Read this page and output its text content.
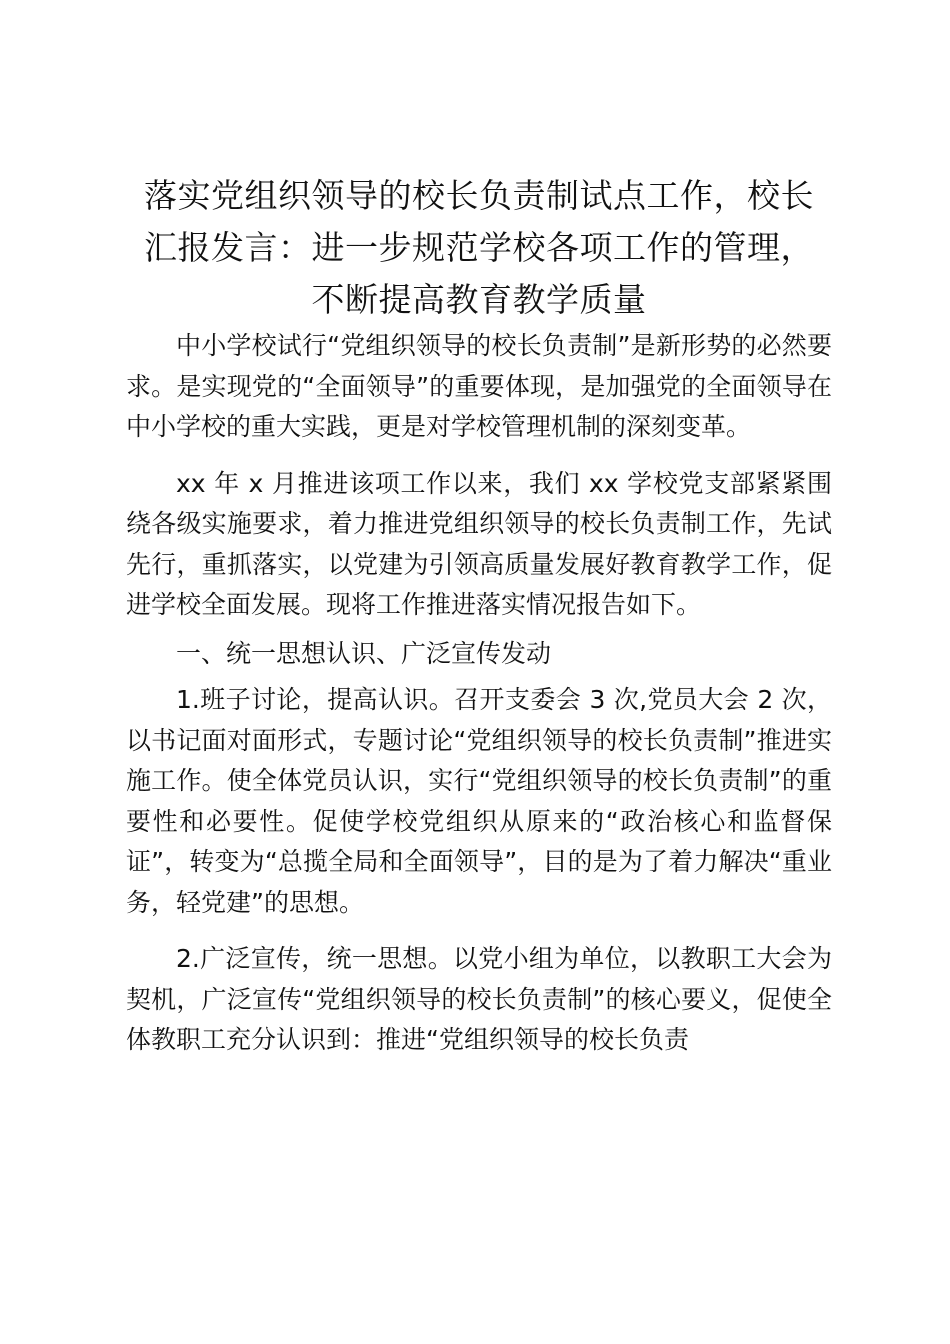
落实党组织领导的校长负责制试点工作，校长
汇报发言：进一步规范学校各项工作的管理，
不断提高教育教学质量

中小学校试行“党组织领导的校长负责制”是新形势的必然要求。是实现党的“全面领导”的重要体现，是加强党的全面领导在中小学校的重大实践，更是对学校管理机制的深刻变革。

xx 年 x 月推进该项工作以来，我们 xx 学校党支部紧紧围绕各级实施要求，着力推进党组织领导的校长负责制工作，先试先行，重抓落实，以党建为引领高质量发展好教育教学工作，促进学校全面发展。现将工作推进落实情况报告如下。

一、统一思想认识、广泛宣传发动

1.班子讨论，提高认识。召开支委会 3 次,党员大会 2 次，以书记面对面形式，专题讨论“党组织领导的校长负责制”推进实施工作。使全体党员认识，实行“党组织领导的校长负责制”的重要性和必要性。促使学校党组织从原来的“政治核心和监督保证”，转变为“总揽全局和全面领导”，目的是为了着力解决“重业务，轻党建”的思想。

2.广泛宣传，统一思想。以党小组为单位，以教职工大会为契机，广泛宣传“党组织领导的校长负责制”的核心要义，促使全体教职工充分认识到：推进“党组织领导的校长负责
